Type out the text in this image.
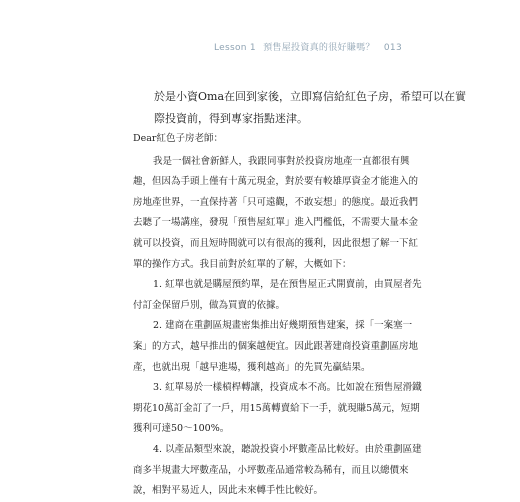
Lesson 1 預售屋投資真的很好賺嗎？ 013
於是小資Oma在回到家後，立即寫信給紅色子房，希望可以在實
際投資前，得到專家指點迷津。
Dear紅色子房老師：
我是一個社會新鮮人，我跟同事對於投資房地產一直都很有興
趣，但因為手頭上僅有十萬元現金，對於要有較雄厚資金才能進入的
房地產世界，一直保持著「只可遠觀，不敢妄想」的態度。最近我們
去聽了一場講座，發現「預售屋紅單」進入門檻低，不需要大量本金
就可以投資，而且短時間就可以有很高的獲利，因此很想了解一下紅
單的操作方式。我目前對於紅單的了解，大概如下：
1. 紅單也就是購屋預約單，是在預售屋正式開賣前，由買屋者先
付訂金保留戶別，做為買賣的依據。
2. 建商在重劃區規畫密集推出好幾期預售建案，採「一案塞一
案」的方式，越早推出的個案越便宜。因此跟著建商投資重劃區房地
產，也就出現「越早進場，獲利越高」的先買先贏結果。
3. 紅單易於一樣槓桿轉讓，投資成本不高。比如說在預售屋滑鐵
期花10萬訂金訂了一戶，用15萬轉賣給下一手，就現賺5萬元，短期
獲利可達50〜100%。
4. 以產品類型來說，聽說投資小坪數產品比較好。由於重劃區建
商多半規畫大坪數產品，小坪數產品通常較為稀有，而且以總價來
說，相對平易近人，因此未來轉手性比較好。
